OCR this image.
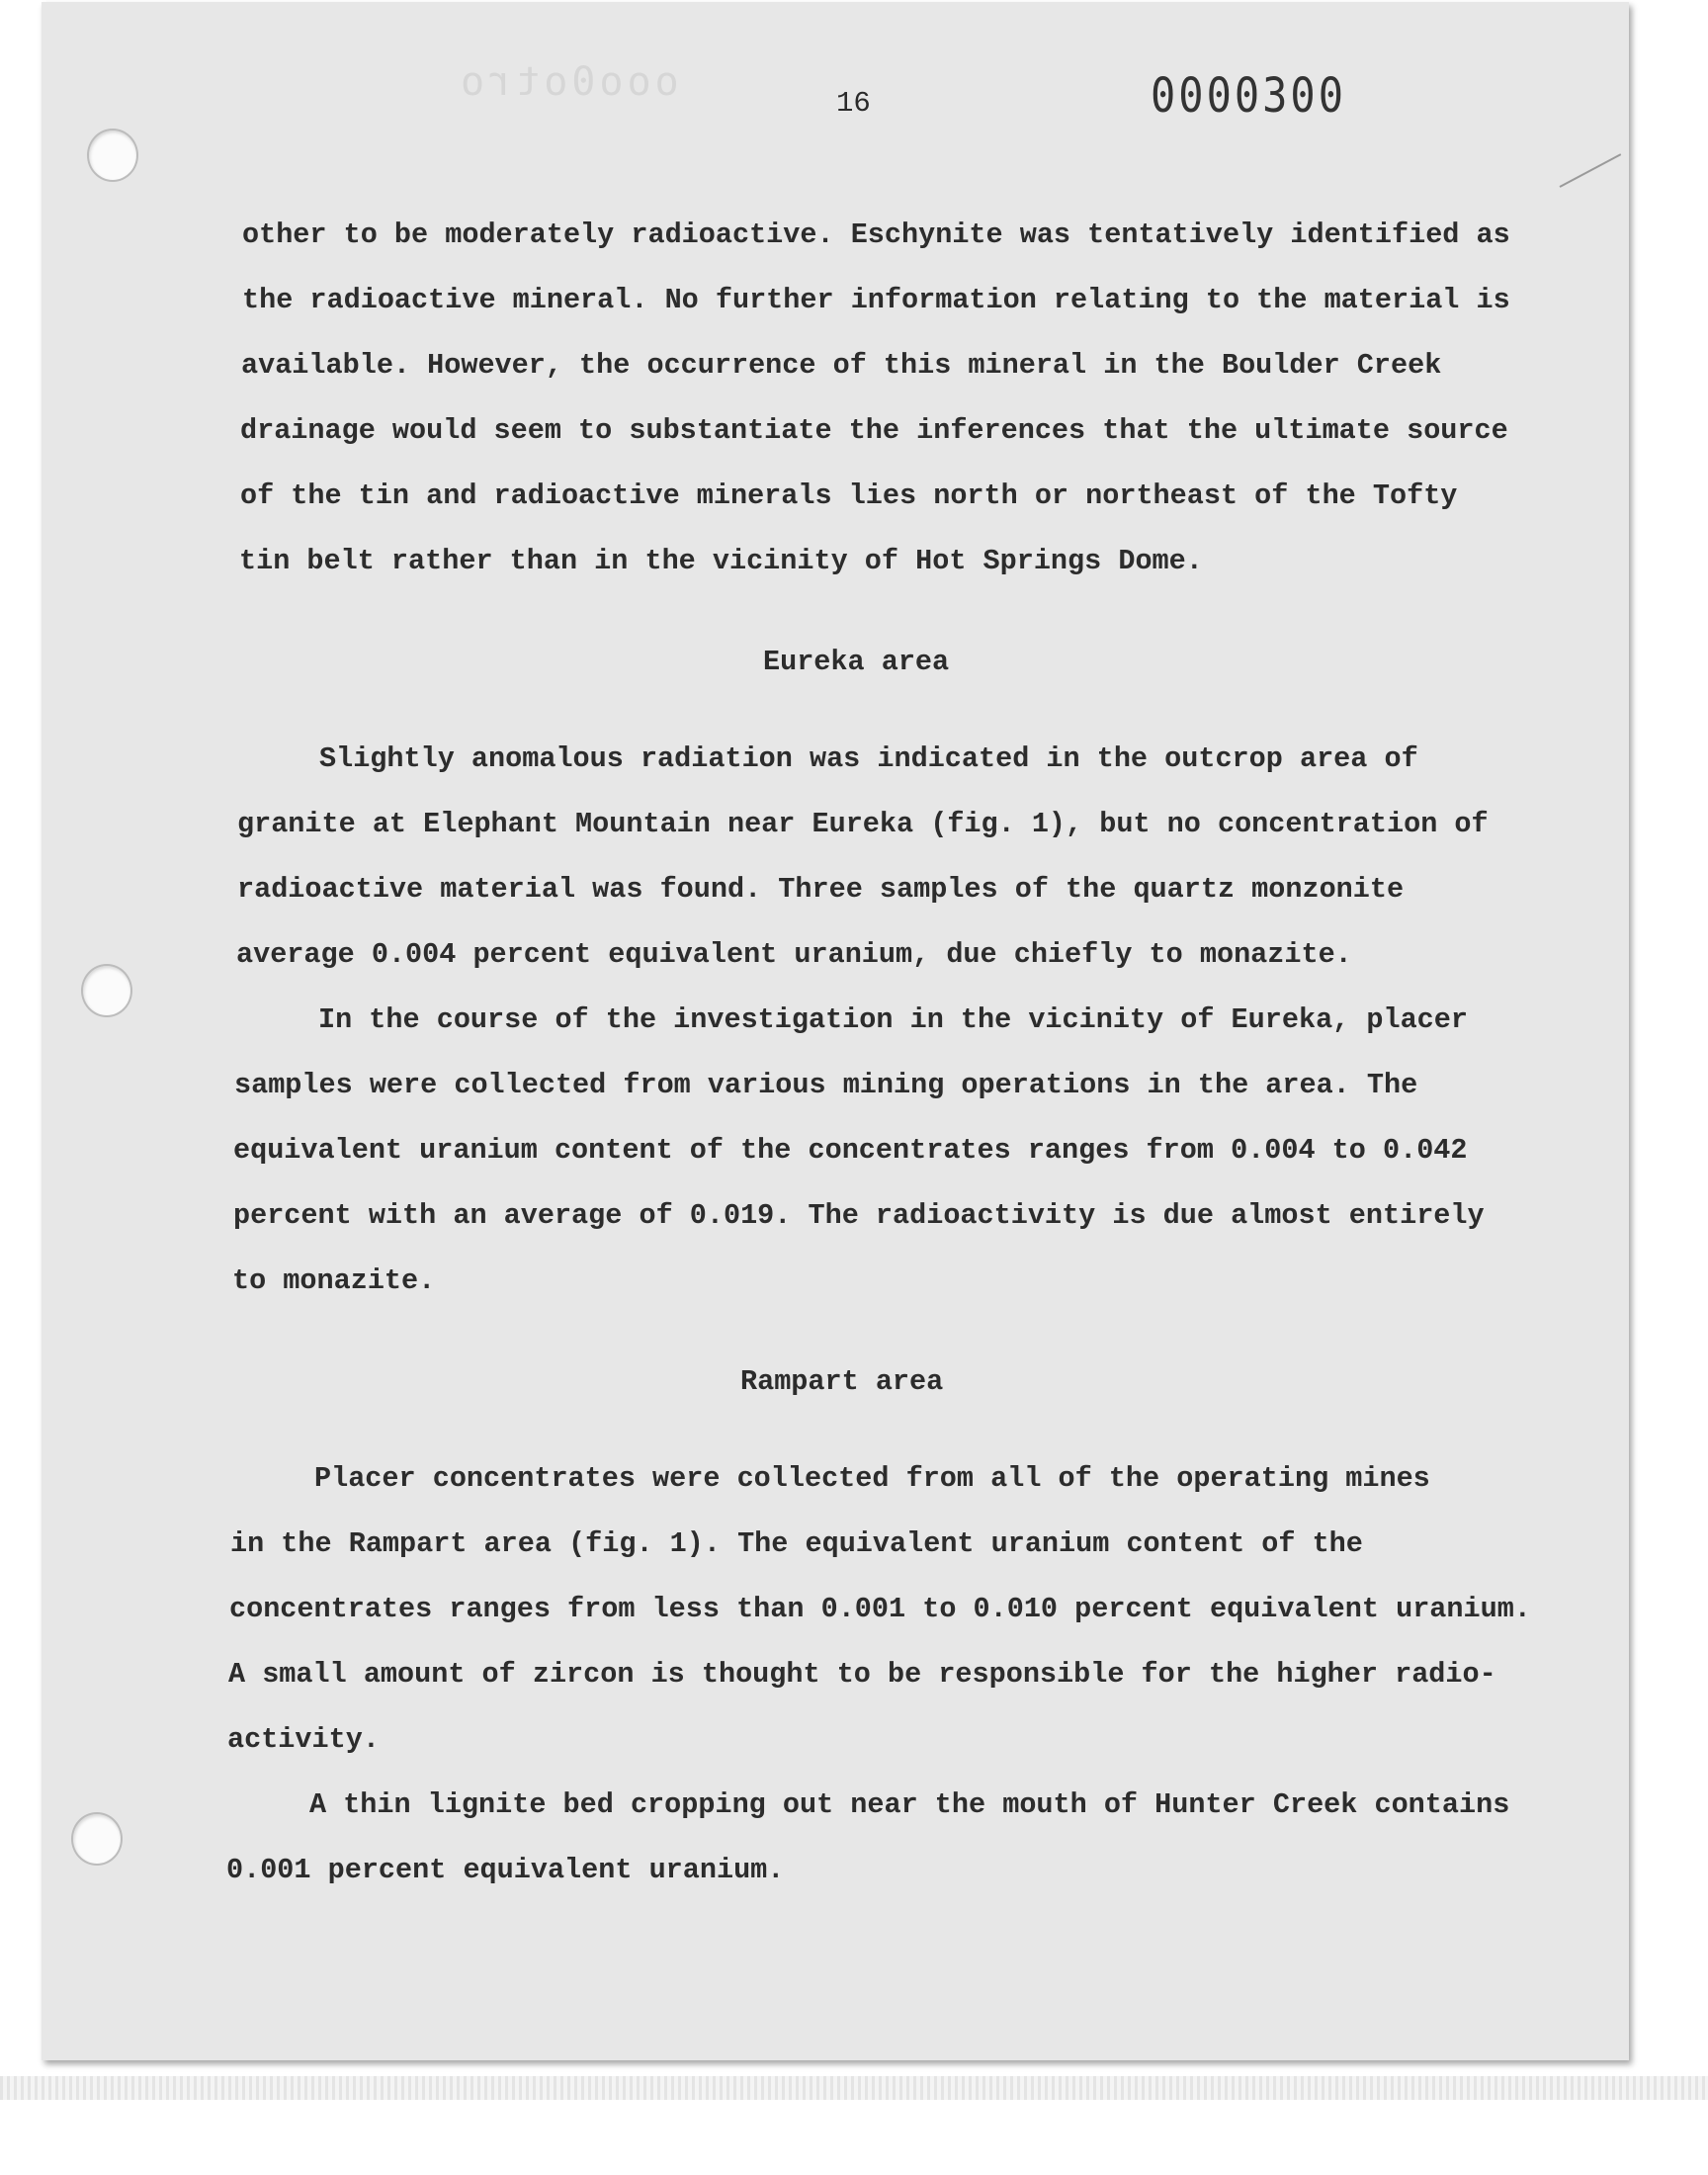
ooo0otro	16	0000300
other to be moderately radioactive. Eschynite was tentatively identified as
the radioactive mineral. No further information relating to the material is
available. However, the occurrence of this mineral in the Boulder Creek
drainage would seem to substantiate the inferences that the ultimate source
of the tin and radioactive minerals lies north or northeast of the Tofty
tin belt rather than in the vicinity of Hot Springs Dome.
Eureka area
Slightly anomalous radiation was indicated in the outcrop area of
granite at Elephant Mountain near Eureka (fig. 1), but no concentration of
radioactive material was found. Three samples of the quartz monzonite
average 0.004 percent equivalent uranium, due chiefly to monazite.
In the course of the investigation in the vicinity of Eureka, placer
samples were collected from various mining operations in the area. The
equivalent uranium content of the concentrates ranges from 0.004 to 0.042
percent with an average of 0.019. The radioactivity is due almost entirely
to monazite.
Rampart area
Placer concentrates were collected from all of the operating mines
in the Rampart area (fig. 1). The equivalent uranium content of the
concentrates ranges from less than 0.001 to 0.010 percent equivalent uranium.
A small amount of zircon is thought to be responsible for the higher radio-
activity.
A thin lignite bed cropping out near the mouth of Hunter Creek contains
0.001 percent equivalent uranium.
